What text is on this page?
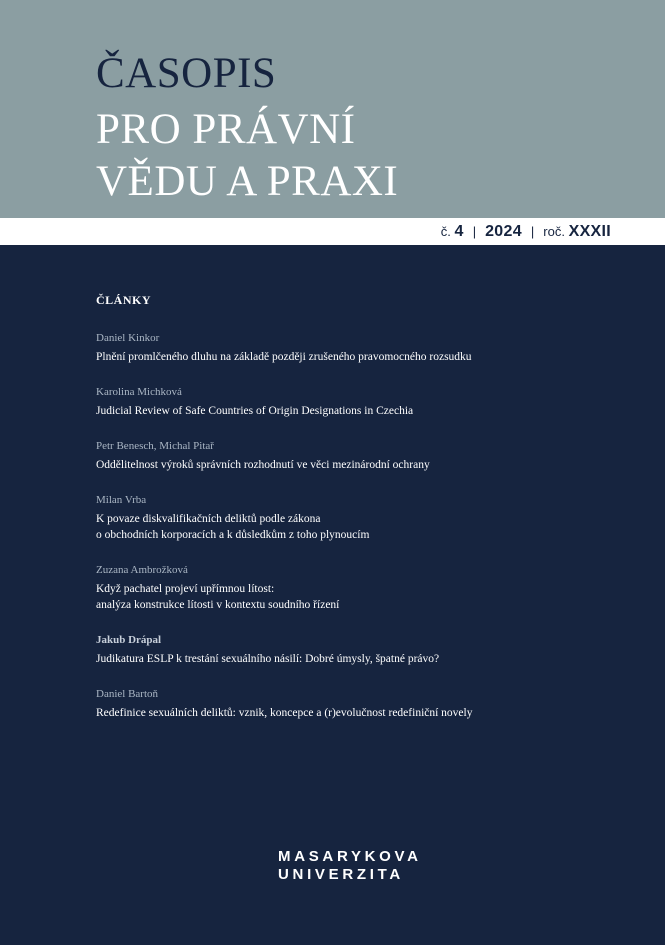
ČASOPIS
PRO PRÁVNÍ
VĚDU A PRAXI
č. 4 | 2024 | roč. XXXII
ČLÁNKY
Daniel Kinkor
Plnění promlčeného dluhu na základě později zrušeného pravomocného rozsudku
Karolina Michková
Judicial Review of Safe Countries of Origin Designations in Czechia
Petr Benesch, Michal Pitař
Oddělitelnost výroků správních rozhodnutí ve věci mezinárodní ochrany
Milan Vrba
K povaze diskvalifikačních deliktů podle zákona
o obchodních korporacích a k důsledkům z toho plynoucím
Zuzana Ambrožková
Když pachatel projeví upřímnou lítost:
analýza konstrukce lítosti v kontextu soudního řízení
Jakub Drápal
Judikatura ESLP k trestání sexuálního násilí: Dobré úmysly, špatné právo?
Daniel Bartoň
Redefinice sexuálních deliktů: vznik, koncepce a (r)evolučnost redefiniční novely
MASARYKOVA
UNIVERZITA
